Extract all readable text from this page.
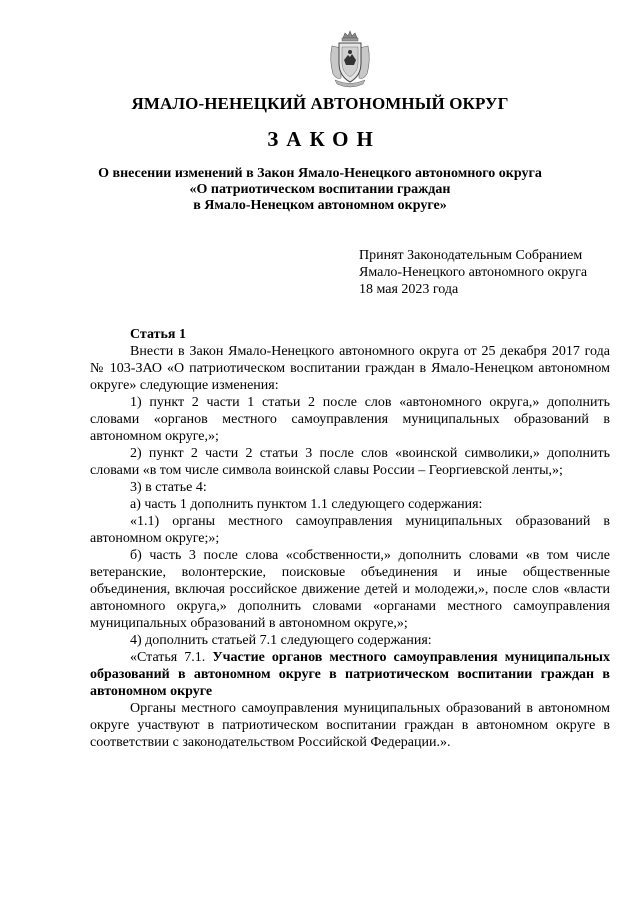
ЯМАЛО-НЕНЕЦКИЙ АВТОНОМНЫЙ ОКРУГ
ЗАКОН
О внесении изменений в Закон Ямало-Ненецкого автономного округа
«О патриотическом воспитании граждан
в Ямало-Ненецком автономном округе»
Принят Законодательным Собранием
Ямало-Ненецкого автономного округа
18 мая 2023 года

Статья 1

Внести в Закон Ямало-Ненецкого автономного округа от 25 декабря 2017 года № 103-ЗАО «О патриотическом воспитании граждан в Ямало-Ненецком автономном округе» следующие изменения:

1) пункт 2 части 1 статьи 2 после слов «автономного округа,» дополнить словами «органов местного самоуправления муниципальных образований в автономном округе,»;

2) пункт 2 части 2 статьи 3 после слов «воинской символики,» дополнить словами «в том числе символа воинской славы России – Георгиевской ленты,»;

3) в статье 4:

а) часть 1 дополнить пунктом 1.1 следующего содержания:

«1.1) органы местного самоуправления муниципальных образований в автономном округе;»;

б) часть 3 после слова «собственности,» дополнить словами «в том числе ветеранские, волонтерские, поисковые объединения и иные общественные объединения, включая российское движение детей и молодежи,», после слов «власти автономного округа,» дополнить словами «органами местного самоуправления муниципальных образований в автономном округе,»;

4) дополнить статьей 7.1 следующего содержания:

«Статья 7.1. Участие органов местного самоуправления муниципальных образований в автономном округе в патриотическом воспитании граждан в автономном округе

Органы местного самоуправления муниципальных образований в автономном округе участвуют в патриотическом воспитании граждан в автономном округе в соответствии с законодательством Российской Федерации.».
